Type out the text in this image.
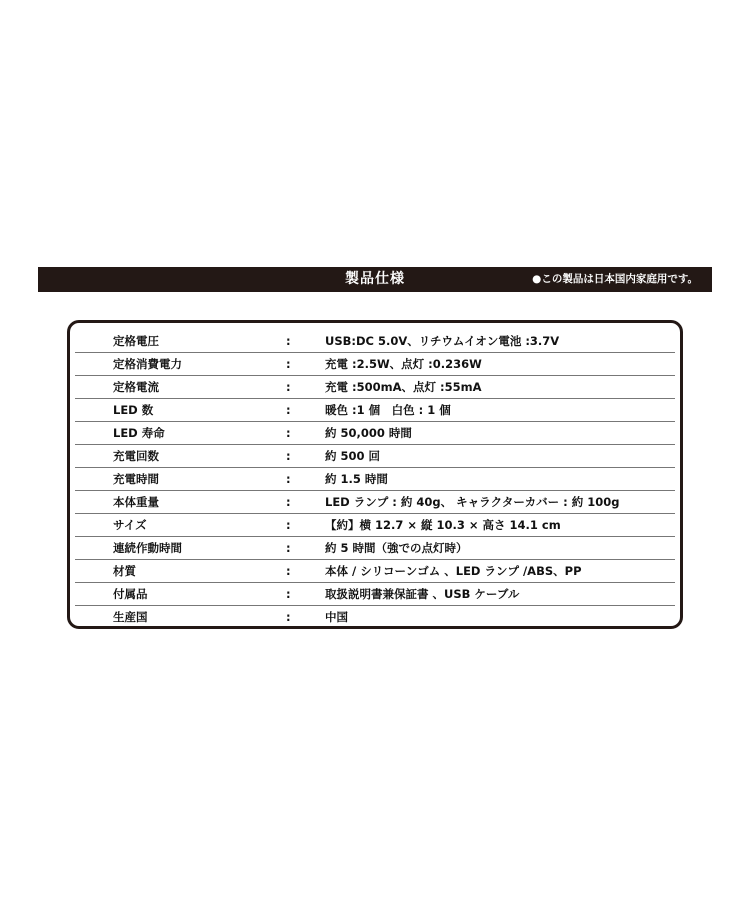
製品仕様	●この製品は日本国内家庭用です。
定格電圧	:	USB:DC 5.0V、リチウムイオン電池 :3.7V
定格消費電力	:	充電 :2.5W、点灯 :0.236W
定格電流	:	充電 :500mA、点灯 :55mA
LED 数	:	暖色 :1 個　白色 : 1 個
LED 寿命	:	約 50,000 時間
充電回数	:	約 500 回
充電時間	:	約 1.5 時間
本体重量	:	LED ランプ : 約 40g、 キャラクターカバー : 約 100g
サイズ	:	【約】横 12.7 × 縦 10.3 × 高さ 14.1 cm
連続作動時間	:	約 5 時間（強での点灯時）
材質	:	本体 / シリコーンゴム 、LED ランプ /ABS、PP
付属品	:	取扱説明書兼保証書 、USB ケーブル
生産国	:	中国
